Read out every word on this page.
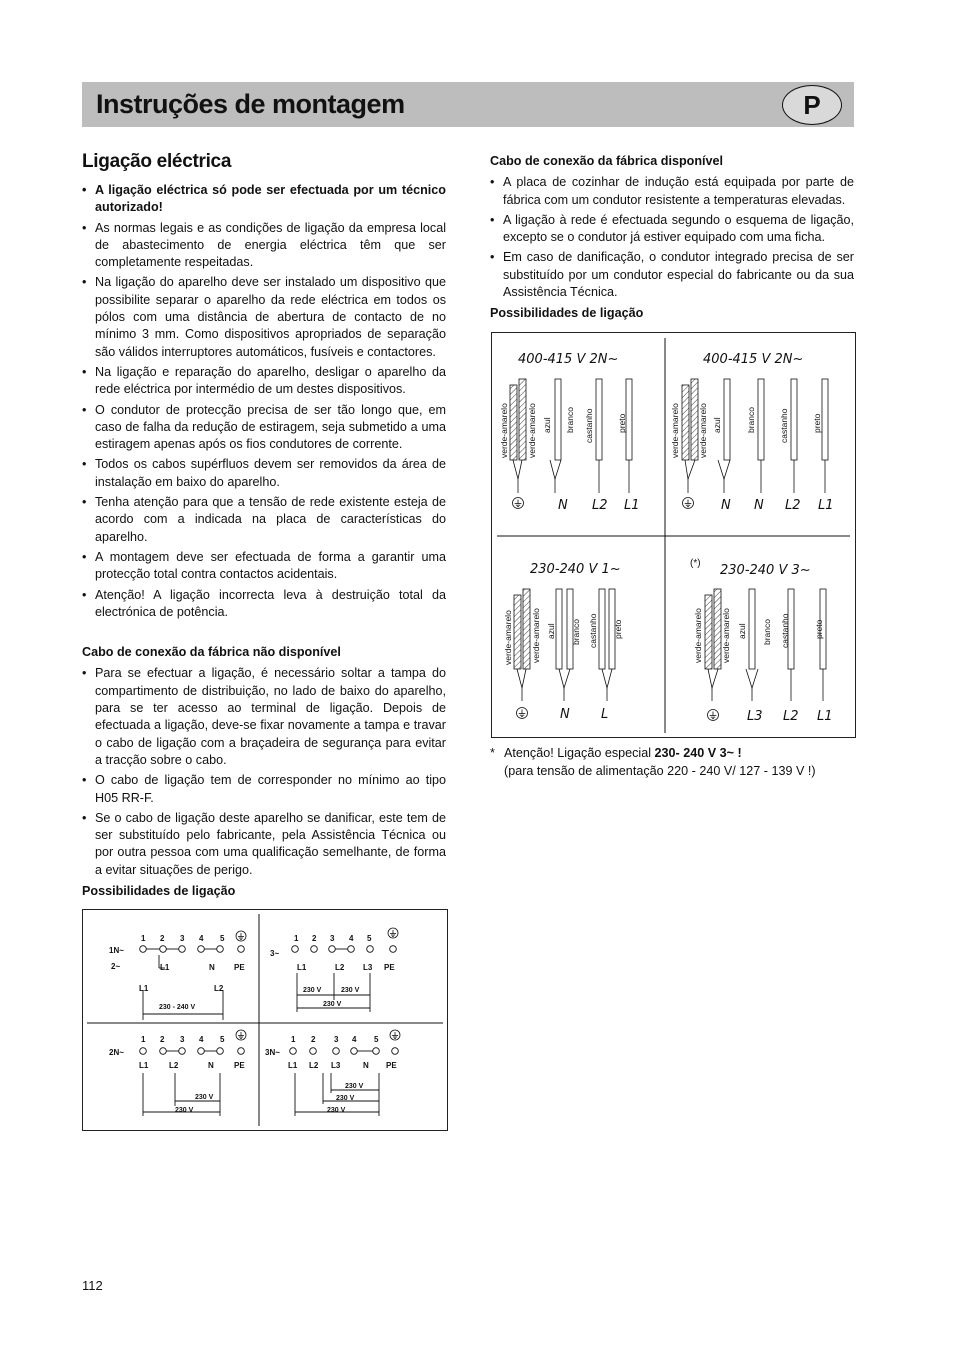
Instruções de montagem	P
Ligação eléctrica
• A ligação eléctrica só pode ser efectuada por um técnico autorizado!
• As normas legais e as condições de ligação da empresa local de abastecimento de energia eléctrica têm que ser completamente respeitadas.
• Na ligação do aparelho deve ser instalado um dispositivo que possibilite separar o aparelho da rede eléctrica em todos os pólos com uma distância de abertura de contacto de no mínimo 3 mm. Como dispositivos apropriados de separação são válidos interruptores automáticos, fusíveis e contactores.
• Na ligação e reparação do aparelho, desligar o aparelho da rede eléctrica por intermédio de um destes dispositivos.
• O condutor de protecção precisa de ser tão longo que, em caso de falha da redução de estiragem, seja submetido a uma estiragem apenas após os fios condutores de corrente.
• Todos os cabos supérfluos devem ser removidos da área de instalação em baixo do aparelho.
• Tenha atenção para que a tensão de rede existente esteja de acordo com a indicada na placa de características do aparelho.
• A montagem deve ser efectuada de forma a garantir uma protecção total contra contactos acidentais.
• Atenção! A ligação incorrecta leva à destruição total da electrónica de potência.
Cabo de conexão da fábrica não disponível
• Para se efectuar a ligação, é necessário soltar a tampa do compartimento de distribuição, no lado de baixo do aparelho, para se ter acesso ao terminal de ligação. Depois de efectuada a ligação, deve-se fixar novamente a tampa e travar o cabo de ligação com a braçadeira de segurança para evitar a tracção sobre o cabo.
• O cabo de ligação tem de corresponder no mínimo ao tipo H05 RR-F.
• Se o cabo de ligação deste aparelho se danificar, este tem de ser substituído pelo fabricante, pela Assistência Técnica ou por outra pessoa com uma qualificação semelhante, de forma a evitar situações de perigo.
Possibilidades de ligação
1 2 3 4 5
1N~
2~	L1	N PE
L1	L2
230 - 240 V
1 2 3 4 5
3~
L1	L2 L3 PE
230 V	230 V
230 V
1 2 3 4 5
2N~
L1	L2	N	PE
230 V
230 V
1 2 3 4 5
3N~
L1 L2 L3	N PE
230 V
230 V
230 V
Cabo de conexão da fábrica disponível
• A placa de cozinhar de indução está equipada por parte de fábrica com um condutor resistente a temperaturas elevadas.
• A ligação à rede é efectuada segundo o esquema de ligação, excepto se o condutor já estiver equipado com uma ficha.
• Em caso de danificação, o condutor integrado precisa de ser substituído por um condutor especial do fabricante ou da sua Assistência Técnica.
Possibilidades de ligação
400-415 V 2N~
verde-amarelo verde-amarelo azul branco castanho	preto
N L2 L1
400-415 V 2N~
verde-amarelo verde-amarelo azul	branco	castanho	preto
N N L2 L1
230-240 V 1~
verde-amarelo verde-amarelo azul branco castanho preto
N L
(*) 230-240 V 3~
verde-amarelo verde-amarelo azul branco castanho	preto
L3 L2 L1
* Atenção! Ligação especial 230- 240 V 3~ !
(para tensão de alimentação 220 - 240 V/ 127 - 139 V !)
112
